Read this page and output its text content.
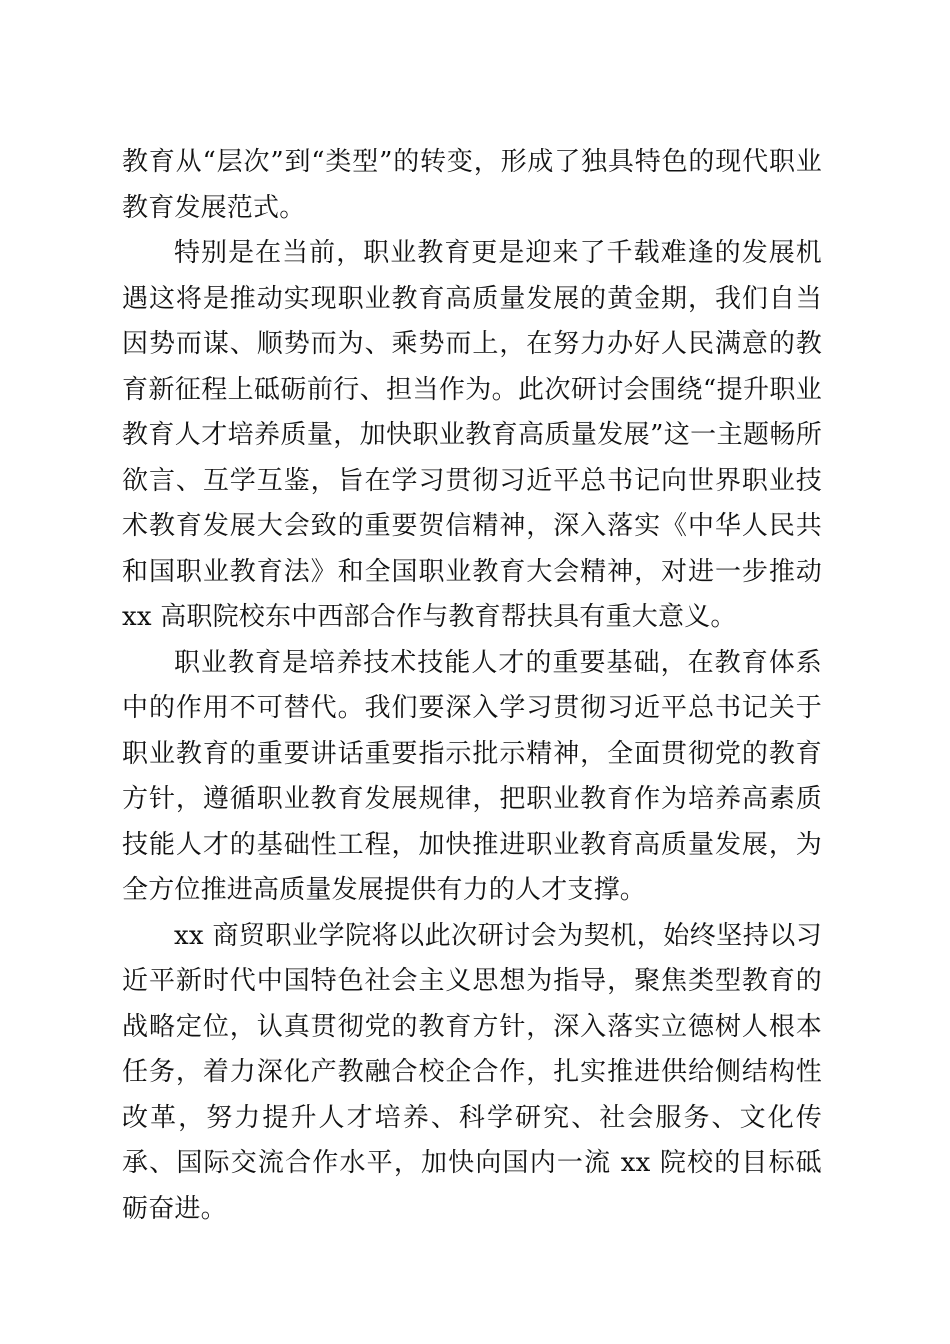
教育从“层次”到“类型”的转变，形成了独具特色的现代职业教育发展范式。

特别是在当前，职业教育更是迎来了千载难逢的发展机遇这将是推动实现职业教育高质量发展的黄金期，我们自当因势而谋、顺势而为、乘势而上，在努力办好人民满意的教育新征程上砥砺前行、担当作为。此次研讨会围绕“提升职业教育人才培养质量，加快职业教育高质量发展”这一主题畅所欲言、互学互鉴，旨在学习贯彻习近平总书记向世界职业技术教育发展大会致的重要贺信精神，深入落实《中华人民共和国职业教育法》和全国职业教育大会精神，对进一步推动 xx 高职院校东中西部合作与教育帮扶具有重大意义。

职业教育是培养技术技能人才的重要基础，在教育体系中的作用不可替代。我们要深入学习贯彻习近平总书记关于职业教育的重要讲话重要指示批示精神，全面贯彻党的教育方针，遵循职业教育发展规律，把职业教育作为培养高素质技能人才的基础性工程，加快推进职业教育高质量发展，为全方位推进高质量发展提供有力的人才支撑。

xx 商贸职业学院将以此次研讨会为契机，始终坚持以习近平新时代中国特色社会主义思想为指导，聚焦类型教育的战略定位，认真贯彻党的教育方针，深入落实立德树人根本任务，着力深化产教融合校企合作，扎实推进供给侧结构性改革，努力提升人才培养、科学研究、社会服务、文化传承、国际交流合作水平，加快向国内一流 xx 院校的目标砥砺奋进。
